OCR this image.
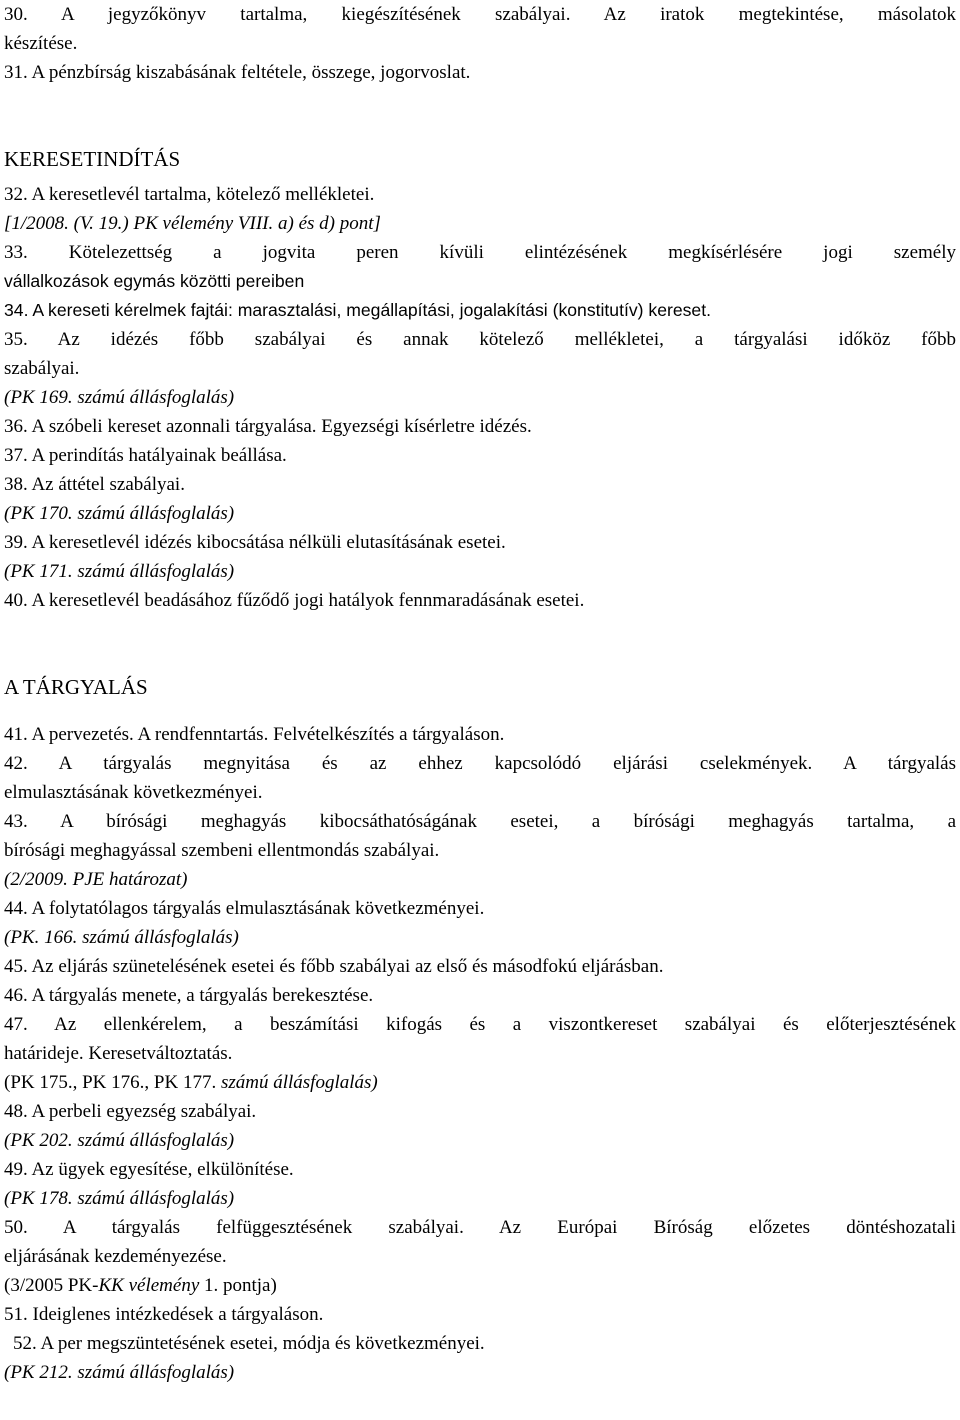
30. A jegyzőkönyv tartalma, kiegészítésének szabályai. Az iratok megtekintése, másolatok

készítése.

31. A pénzbírság kiszabásának feltétele, összege, jogorvoslat.

KERESETINDÍTÁS

32. A keresetlevél tartalma, kötelező mellékletei.

[1/2008. (V. 19.) PK vélemény VIII. a) és d) pont]

33. Kötelezettség a jogvita peren kívüli elintézésének megkísérlésére jogi személy

vállalkozások egymás közötti pereiben

34. A kereseti kérelmek fajtái: marasztalási, megállapítási, jogalakítási (konstitutív) kereset.

35. Az idézés főbb szabályai és annak kötelező mellékletei, a tárgyalási időköz főbb

szabályai.

(PK 169. számú állásfoglalás)

36. A szóbeli kereset azonnali tárgyalása. Egyezségi kísérletre idézés.

37. A perindítás hatályainak beállása.

38. Az áttétel szabályai.

(PK 170. számú állásfoglalás)

39. A keresetlevél idézés kibocsátása nélküli elutasításának esetei.

(PK 171. számú állásfoglalás)

40. A keresetlevél beadásához fűződő jogi hatályok fennmaradásának esetei.

A TÁRGYALÁS

41. A pervezetés. A rendfenntartás. Felvételkészítés a tárgyaláson.

42. A tárgyalás megnyitása és az ehhez kapcsolódó eljárási cselekmények. A tárgyalás

elmulasztásának következményei.

43. A bírósági meghagyás kibocsáthatóságának esetei, a bírósági meghagyás tartalma, a

bírósági meghagyással szembeni ellentmondás szabályai.

(2/2009. PJE határozat)

44. A folytatólagos tárgyalás elmulasztásának következményei.

(PK. 166. számú állásfoglalás)

45. Az eljárás szünetelésének esetei és főbb szabályai az első és másodfokú eljárásban.

46. A tárgyalás menete, a tárgyalás berekesztése.

47. Az ellenkérelem, a beszámítási kifogás és a viszontkereset szabályai és előterjesztésének

határideje. Keresetváltoztatás.

(PK 175., PK 176., PK 177. számú állásfoglalás)

48. A perbeli egyezség szabályai.

(PK 202. számú állásfoglalás)

49. Az ügyek egyesítése, elkülönítése.

(PK 178. számú állásfoglalás)

50. A tárgyalás felfüggesztésének szabályai. Az Európai Bíróság előzetes döntéshozatali

eljárásának kezdeményezése.

(3/2005 PK-KK vélemény 1. pontja)

51. Ideiglenes intézkedések a tárgyaláson.

52. A per megszüntetésének esetei, módja és következményei.

(PK 212. számú állásfoglalás)
